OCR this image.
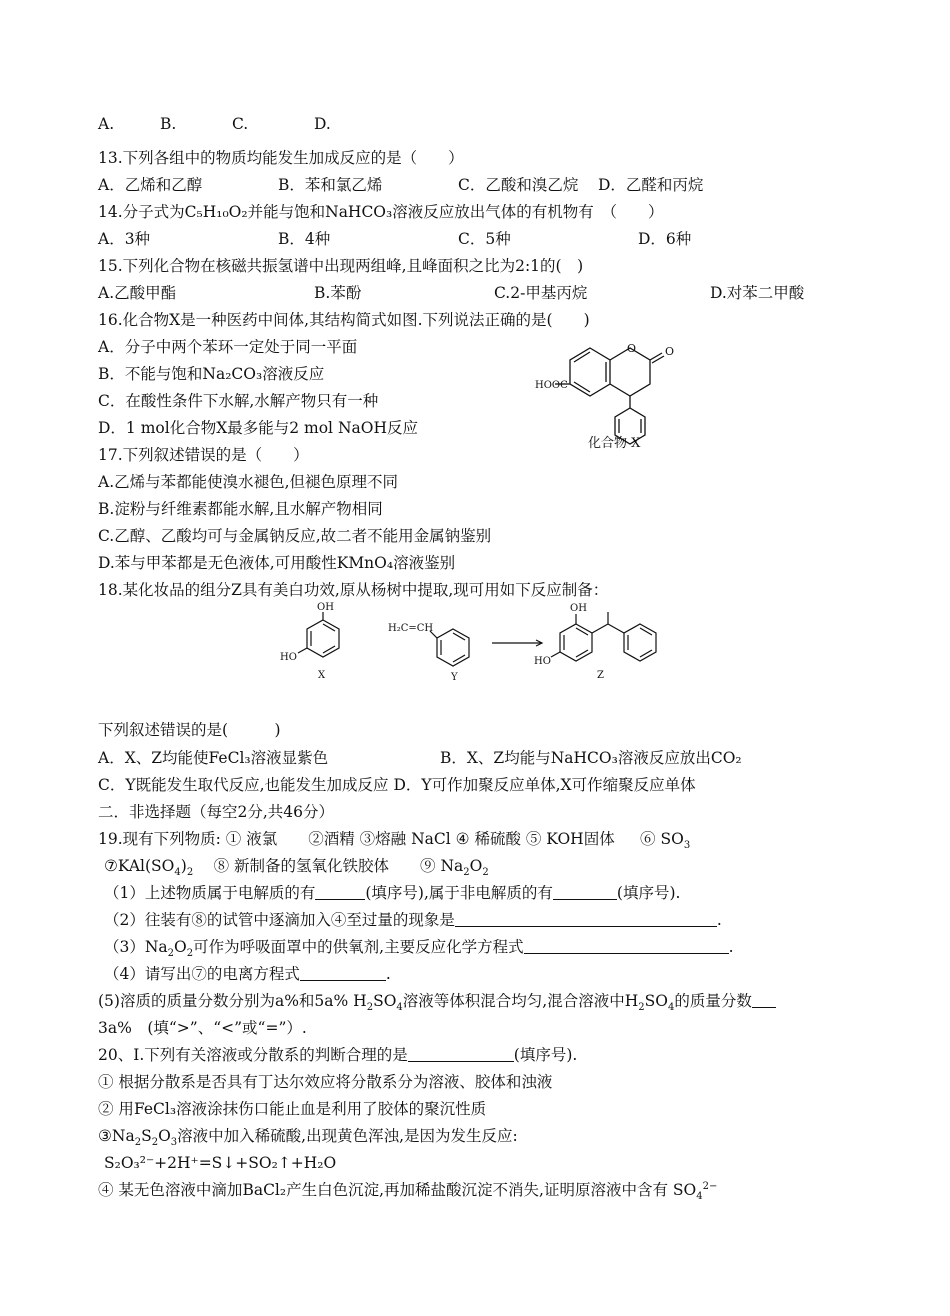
A.	B.	C.	D.
13.下列各组中的物质均能发生加成反应的是（　　）
A．乙烯和乙醇	B．苯和氯乙烯	C．乙酸和溴乙烷 D．乙醛和丙烷
14.分子式为C₅H₁₀O₂并能与饱和NaHCO₃溶液反应放出气体的有机物有　（　　）
A．3种	B．4种	C．5种	D．6种
15.下列化合物在核磁共振氢谱中出现两组峰,且峰面积之比为2:1的(　)
A.乙酸甲酯	B.苯酚	C.2-甲基丙烷	D.对苯二甲酸
16.化合物X是一种医药中间体,其结构简式如图.下列说法正确的是(　　)
A．分子中两个苯环一定处于同一平面
B．不能与饱和Na₂CO₃溶液反应
C．在酸性条件下水解,水解产物只有一种
D．1 mol化合物X最多能与2 mol NaOH反应
O	O
HOOC
化合物 X
17.下列叙述错误的是（　　）
A.乙烯与苯都能使溴水褪色,但褪色原理不同
B.淀粉与纤维素都能水解,且水解产物相同
C.乙醇、乙酸均可与金属钠反应,故二者不能用金属钠鉴别
D.苯与甲苯都是无色液体,可用酸性KMnO₄溶液鉴别
18.某化妆品的组分Z具有美白功效,原从杨树中提取,现可用如下反应制备：
OH
HO
X
H₂C=CH
Y
OH
HO
Z
下列叙述错误的是(　　　)
A．X、Z均能使FeCl₃溶液显紫色	B．X、Z均能与NaHCO₃溶液反应放出CO₂
C．Y既能发生取代反应,也能发生加成反应 D．Y可作加聚反应单体,X可作缩聚反应单体
二．非选择题（每空2分,共46分）
19.现有下列物质: ① 液氯　　②酒精 ③熔融 NaCl ④ 稀硫酸 ⑤ KOH固体 　 ⑥ $SO_3$
$⑦KAl(SO_4)_2$　 ⑧ 新制备的氢氧化铁胶体　　⑨ $Na_2O_2$
（1）上述物质属于电解质的有	(填序号),属于非电解质的有	(填序号).
（2）往装有⑧的试管中逐滴加入④至过量的现象是	.
$(3)Na_2O_2$可作为呼吸面罩中的供氧剂,主要反应化学方程式	.
（4）请写出⑦的电离方程式	.
(5)溶质的质量分数分别为a%和5a% $H_2SO_4$溶液等体积混合均匀,混合溶液中$H_2SO_4$的质量分数
3a%　(填“>”、“<”或“=”）.
20、Ⅰ.下列有关溶液或分散系的判断合理的是	(填序号).
① 根据分散系是否具有丁达尔效应将分散系分为溶液、胶体和浊液
② 用FeCl₃溶液涂抹伤口能止血是利用了胶体的聚沉性质
$③Na_2S_2O_3$溶液中加入稀硫酸,出现黄色浑浊,是因为发生反应:
S₂O₃²⁻+2H⁺=S↓+SO₂↑+H₂O
④ 某无色溶液中滴加BaCl₂产生白色沉淀,再加稀盐酸沉淀不消失,证明原溶液中含有 $SO_4^{2-}$
